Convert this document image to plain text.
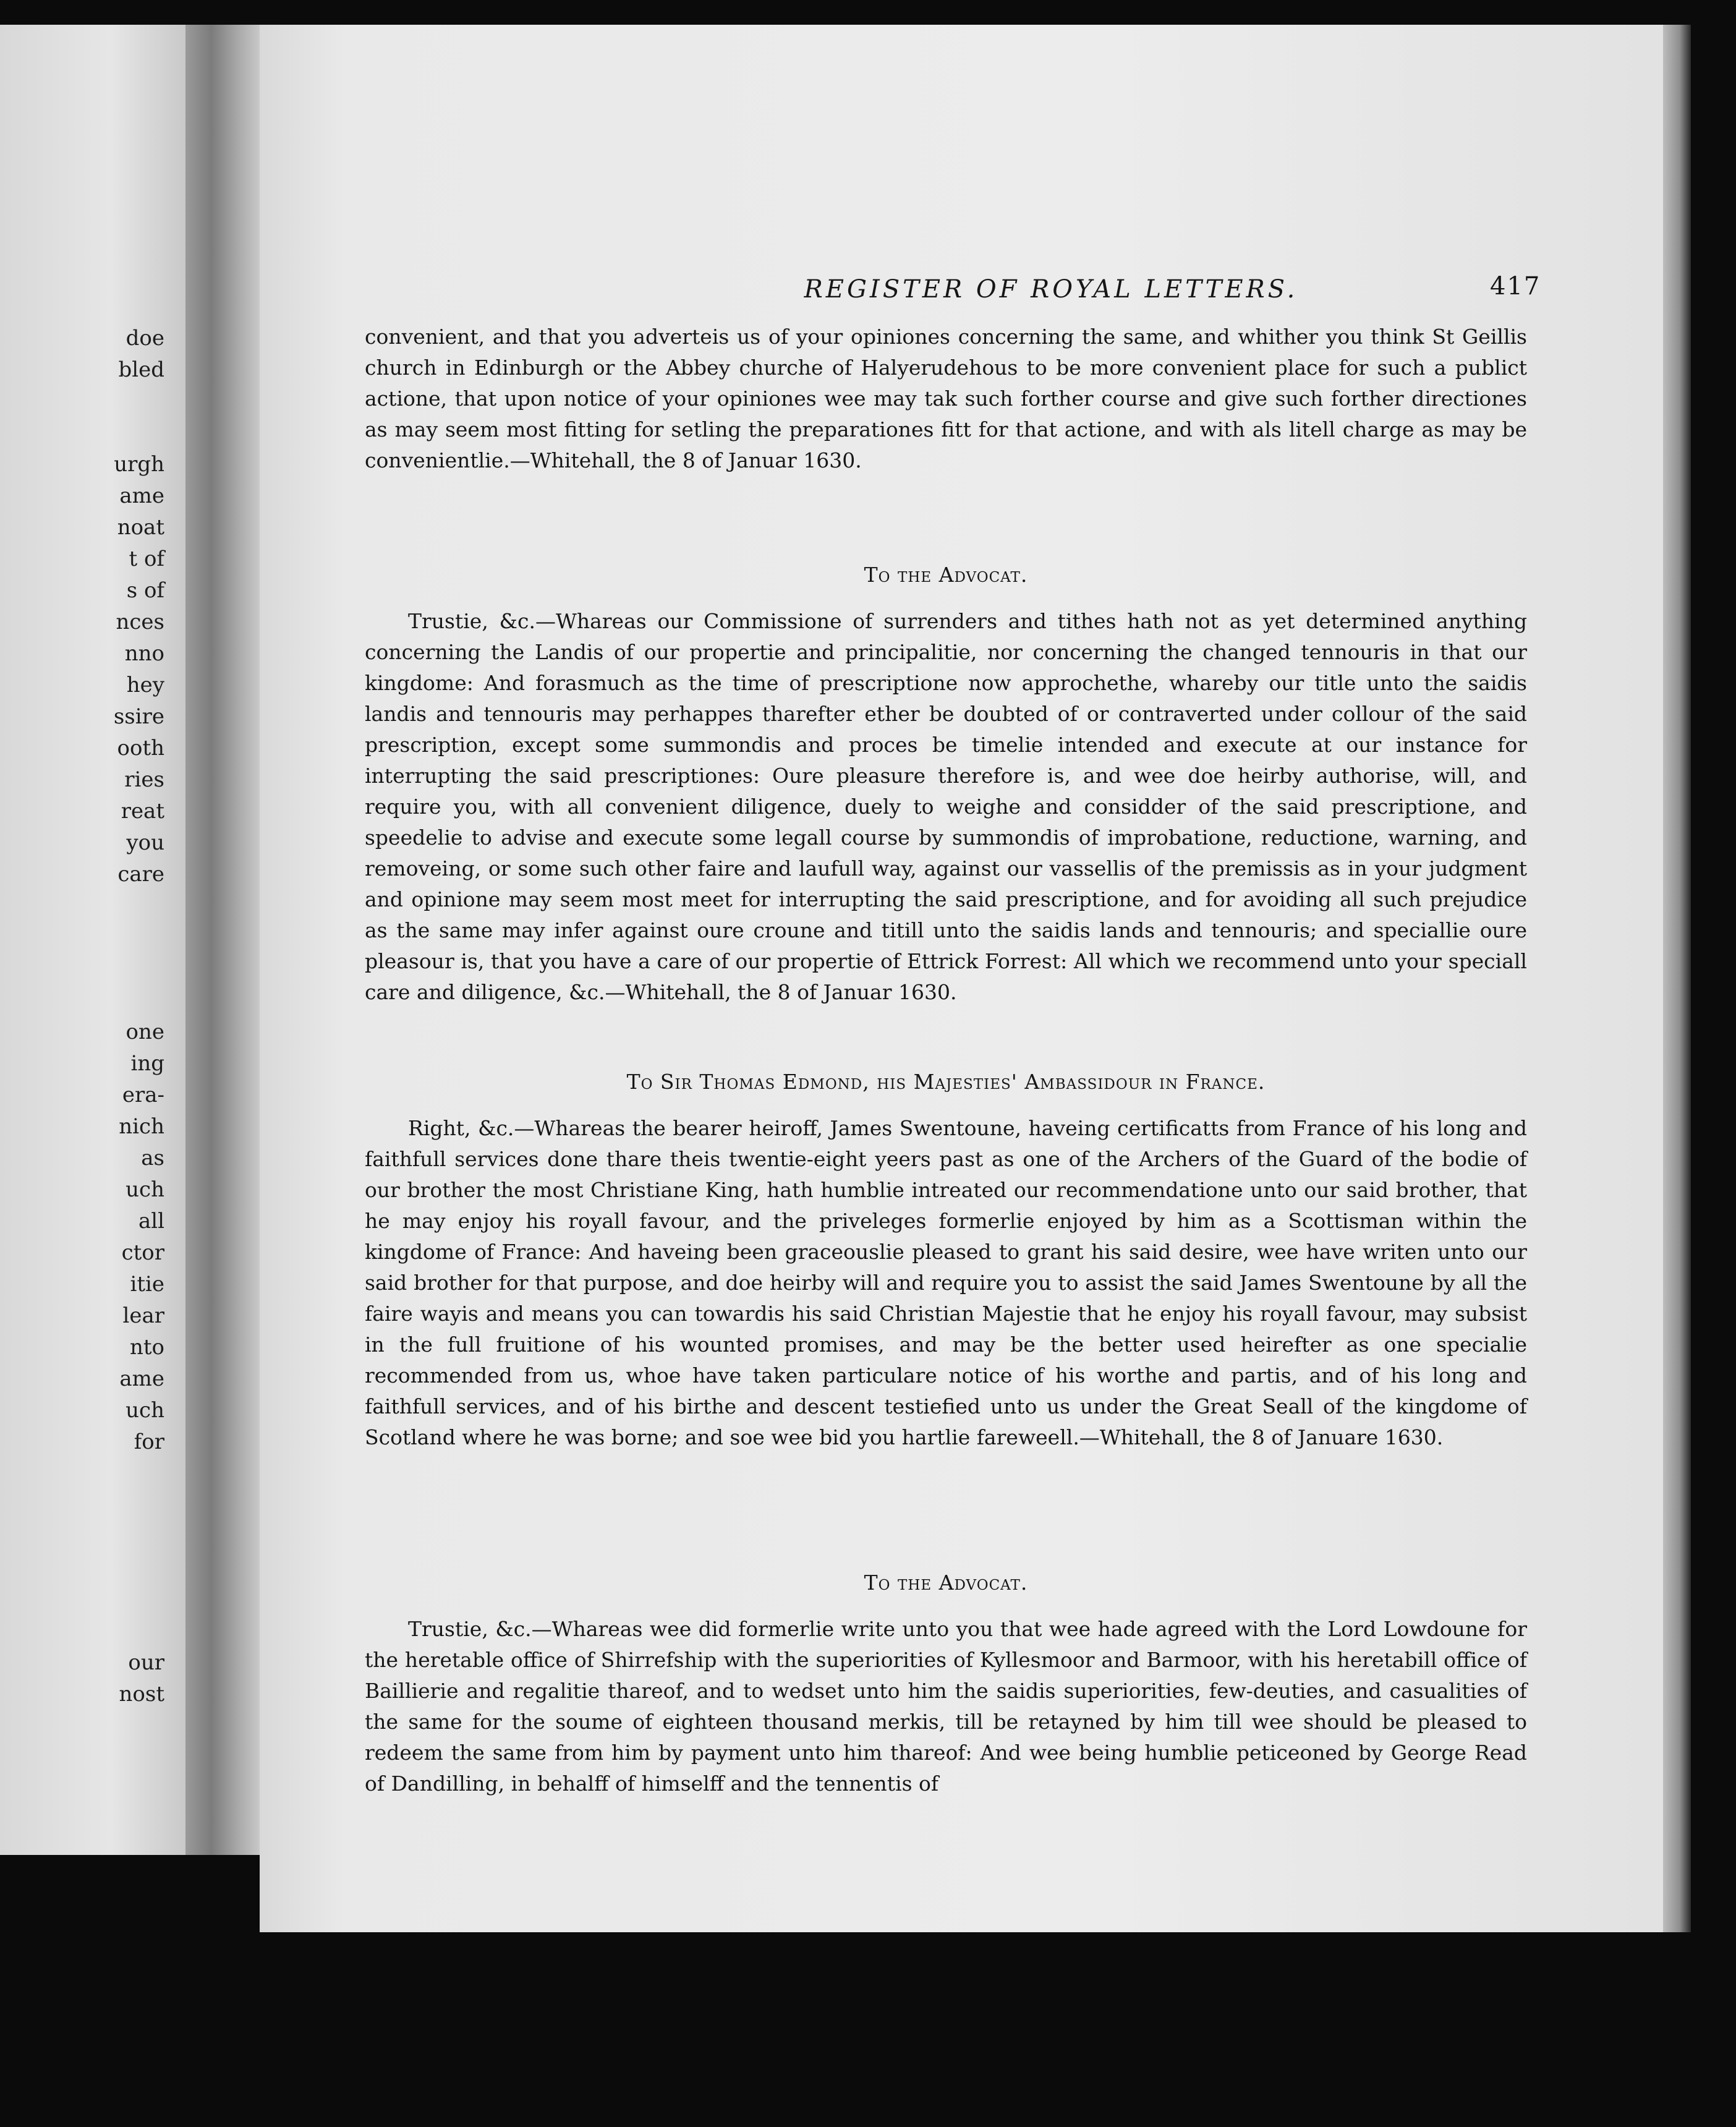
doe
bled
urgh
ame
noat
t of
s of
nces
nno
hey
ssire
ooth
ries
reat
you
care
one
ing
era-
nich
as
uch
all
ctor
itie
lear
nto
ame
uch
for
our
nost
REGISTER OF ROYAL LETTERS.	417

convenient, and that you adverteis us of your opiniones concerning the same, and whither you think St Geillis church in Edinburgh or the Abbey churche of Halyerudehous to be more convenient place for such a publict actione, that upon notice of your opiniones wee may tak such forther course and give such forther directiones as may seem most fitting for setling the preparationes fitt for that actione, and with als litell charge as may be convenientlie.—Whitehall, the 8 of Januar 1630.

To the Advocat.

Trustie, &c.—Whareas our Commissione of surrenders and tithes hath not as yet determined anything concerning the Landis of our propertie and principalitie, nor concerning the changed tennouris in that our kingdome: And forasmuch as the time of prescriptione now approchethe, whareby our title unto the saidis landis and tennouris may perhappes tharefter ether be doubted of or contraverted under collour of the said prescription, except some summondis and proces be timelie intended and execute at our instance for interrupting the said prescriptiones: Oure pleasure therefore is, and wee doe heirby authorise, will, and require you, with all convenient diligence, duely to weighe and considder of the said prescriptione, and speedelie to advise and execute some legall course by summondis of improbatione, reductione, warning, and removeing, or some such other faire and laufull way, against our vassellis of the premissis as in your judgment and opinione may seem most meet for interrupting the said prescriptione, and for avoiding all such prejudice as the same may infer against oure croune and titill unto the saidis lands and tennouris; and speciallie oure pleasour is, that you have a care of our propertie of Ettrick Forrest: All which we recommend unto your speciall care and diligence, &c.—Whitehall, the 8 of Januar 1630.

To Sir Thomas Edmond, his Majesties' Ambassidour in France.

Right, &c.—Whareas the bearer heiroff, James Swentoune, haveing certificatts from France of his long and faithfull services done thare theis twentie-eight yeers past as one of the Archers of the Guard of the bodie of our brother the most Christiane King, hath humblie intreated our recommendatione unto our said brother, that he may enjoy his royall favour, and the priveleges formerlie enjoyed by him as a Scottisman within the kingdome of France: And haveing been graceouslie pleased to grant his said desire, wee have writen unto our said brother for that purpose, and doe heirby will and require you to assist the said James Swentoune by all the faire wayis and means you can towardis his said Christian Majestie that he enjoy his royall favour, may subsist in the full fruitione of his wounted promises, and may be the better used heirefter as one specialie recommended from us, whoe have taken particulare notice of his worthe and partis, and of his long and faithfull services, and of his birthe and descent testiefied unto us under the Great Seall of the kingdome of Scotland where he was borne; and soe wee bid you hartlie fareweell.—Whitehall, the 8 of Januare 1630.

To the Advocat.

Trustie, &c.—Whareas wee did formerlie write unto you that wee hade agreed with the Lord Lowdoune for the heretable office of Shirrefship with the superiorities of Kyllesmoor and Barmoor, with his heretabill office of Baillierie and regalitie thareof, and to wedset unto him the saidis superiorities, few-deuties, and casualities of the same for the soume of eighteen thousand merkis, till be retayned by him till wee should be pleased to redeem the same from him by payment unto him thareof: And wee being humblie peticeoned by George Read of Dandilling, in behalff of himselff and the tennentis of
